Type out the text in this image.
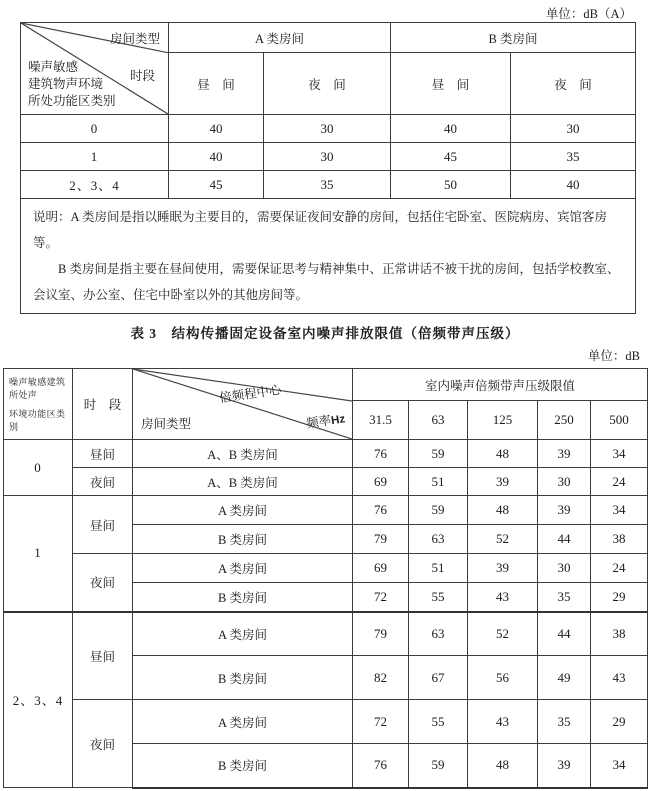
单位：dB（A）
房间类型
时段
噪声敏感
建筑物声环境
所处功能区类别	A 类房间		B 类房间	
	昼　间	夜　间	昼　间	夜　间
0	40	30	40	30
1	40	30	45	35
2、3、4	45	35	50	40

说明：A 类房间是指以睡眠为主要目的，需要保证夜间安静的房间，包括住宅卧室、医院病房、宾馆客房等。

B 类房间是指主要在昼间使用，需要保证思考与精神集中、正常讲话不被干扰的房间，包括学校教室、会议室、办公室、住宅中卧室以外的其他房间等。				

表 3　结构传播固定设备室内噪声排放限值（倍频带声压级）
单位：dB
噪声敏感建筑所处声
环境功能区类别
	时　段	倍频程中心
频率Hz
房间类型
	室内噪声倍频带声压级限值
			31.5	63	125	250	500
0	昼间	A、B 类房间	76	59	48	39	34
	夜间	A、B 类房间	69	51	39	30	24
1	昼间	A 类房间	76	59	48	39	34
		B 类房间	79	63	52	44	38
	夜间	A 类房间	69	51	39	30	24
		B 类房间	72	55	43	35	29
2、3、4	昼间	A 类房间	79	63	52	44	38
		B 类房间	82	67	56	49	43
	夜间	A 类房间	72	55	43	35	29
		B 类房间	76	59	48	39	34
